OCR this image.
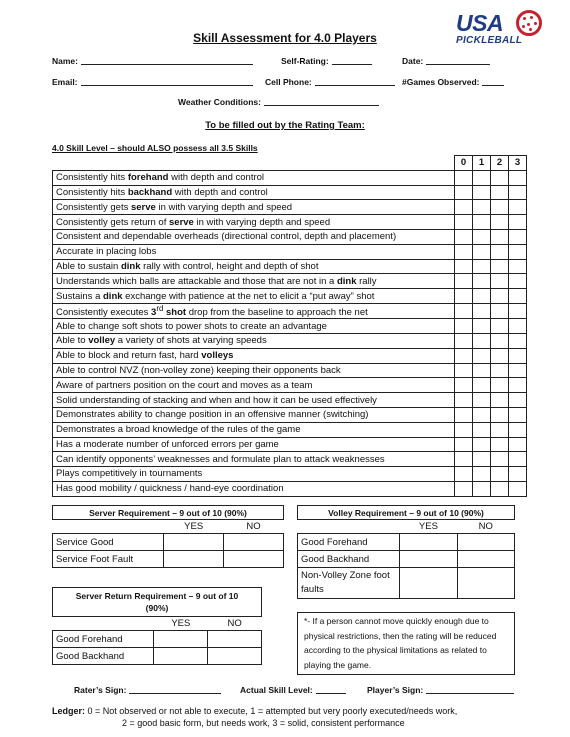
USA
PICKLEBALL
Skill Assessment for 4.0 Players
Name:	Self-Rating:	Date:
Email:	Cell Phone:	#Games Observed:
Weather Conditions:
To be filled out by the Rating Team:
4.0 Skill Level – should ALSO possess all 3.5 Skills
	0	1	2	3
Consistently hits forehand with depth and control				
Consistently hits backhand with depth and control				
Consistently gets serve in with varying depth and speed				
Consistently gets return of serve in with varying depth and speed				
Consistent and dependable overheads (directional control, depth and placement)				
Accurate in placing lobs				
Able to sustain dink rally with control, height and depth of shot				
Understands which balls are attackable and those that are not in a dink rally				
Sustains a dink exchange with patience at the net to elicit a “put away” shot				
Consistently executes 3rd shot drop from the baseline to approach the net				
Able to change soft shots to power shots to create an advantage				
Able to volley a variety of shots at varying speeds				
Able to block and return fast, hard volleys				
Able to control NVZ (non-volley zone) keeping their opponents back				
Aware of partners position on the court and moves as a team				
Solid understanding of stacking and when and how it can be used effectively				
Demonstrates ability to change position in an offensive manner (switching)				
Demonstrates a broad knowledge of the rules of the game				
Has a moderate number of unforced errors per game				
Can identify opponents’ weaknesses and formulate plan to attack weaknesses				
Plays competitively in tournaments				
Has good mobility / quickness / hand-eye coordination				
Server Requirement – 9 out of 10 (90%)		
	YES	NO
Service Good		
Service Foot Fault		
Volley Requirement – 9 out of 10 (90%)		
	YES	NO
Good Forehand		
Good Backhand		
Non-Volley Zone foot faults		
Server Return Requirement – 9 out of 10 (90%)		
	YES	NO
Good Forehand		
Good Backhand		
*- If a person cannot move quickly enough due to physical restrictions, then the rating will be reduced according to the physical limitations as related to playing the game.
Rater’s Sign:	Actual Skill Level:	Player’s Sign:
Ledger: 0 = Not observed or not able to execute, 1 = attempted but very poorly executed/needs work,
2 = good basic form, but needs work, 3 = solid, consistent performance
